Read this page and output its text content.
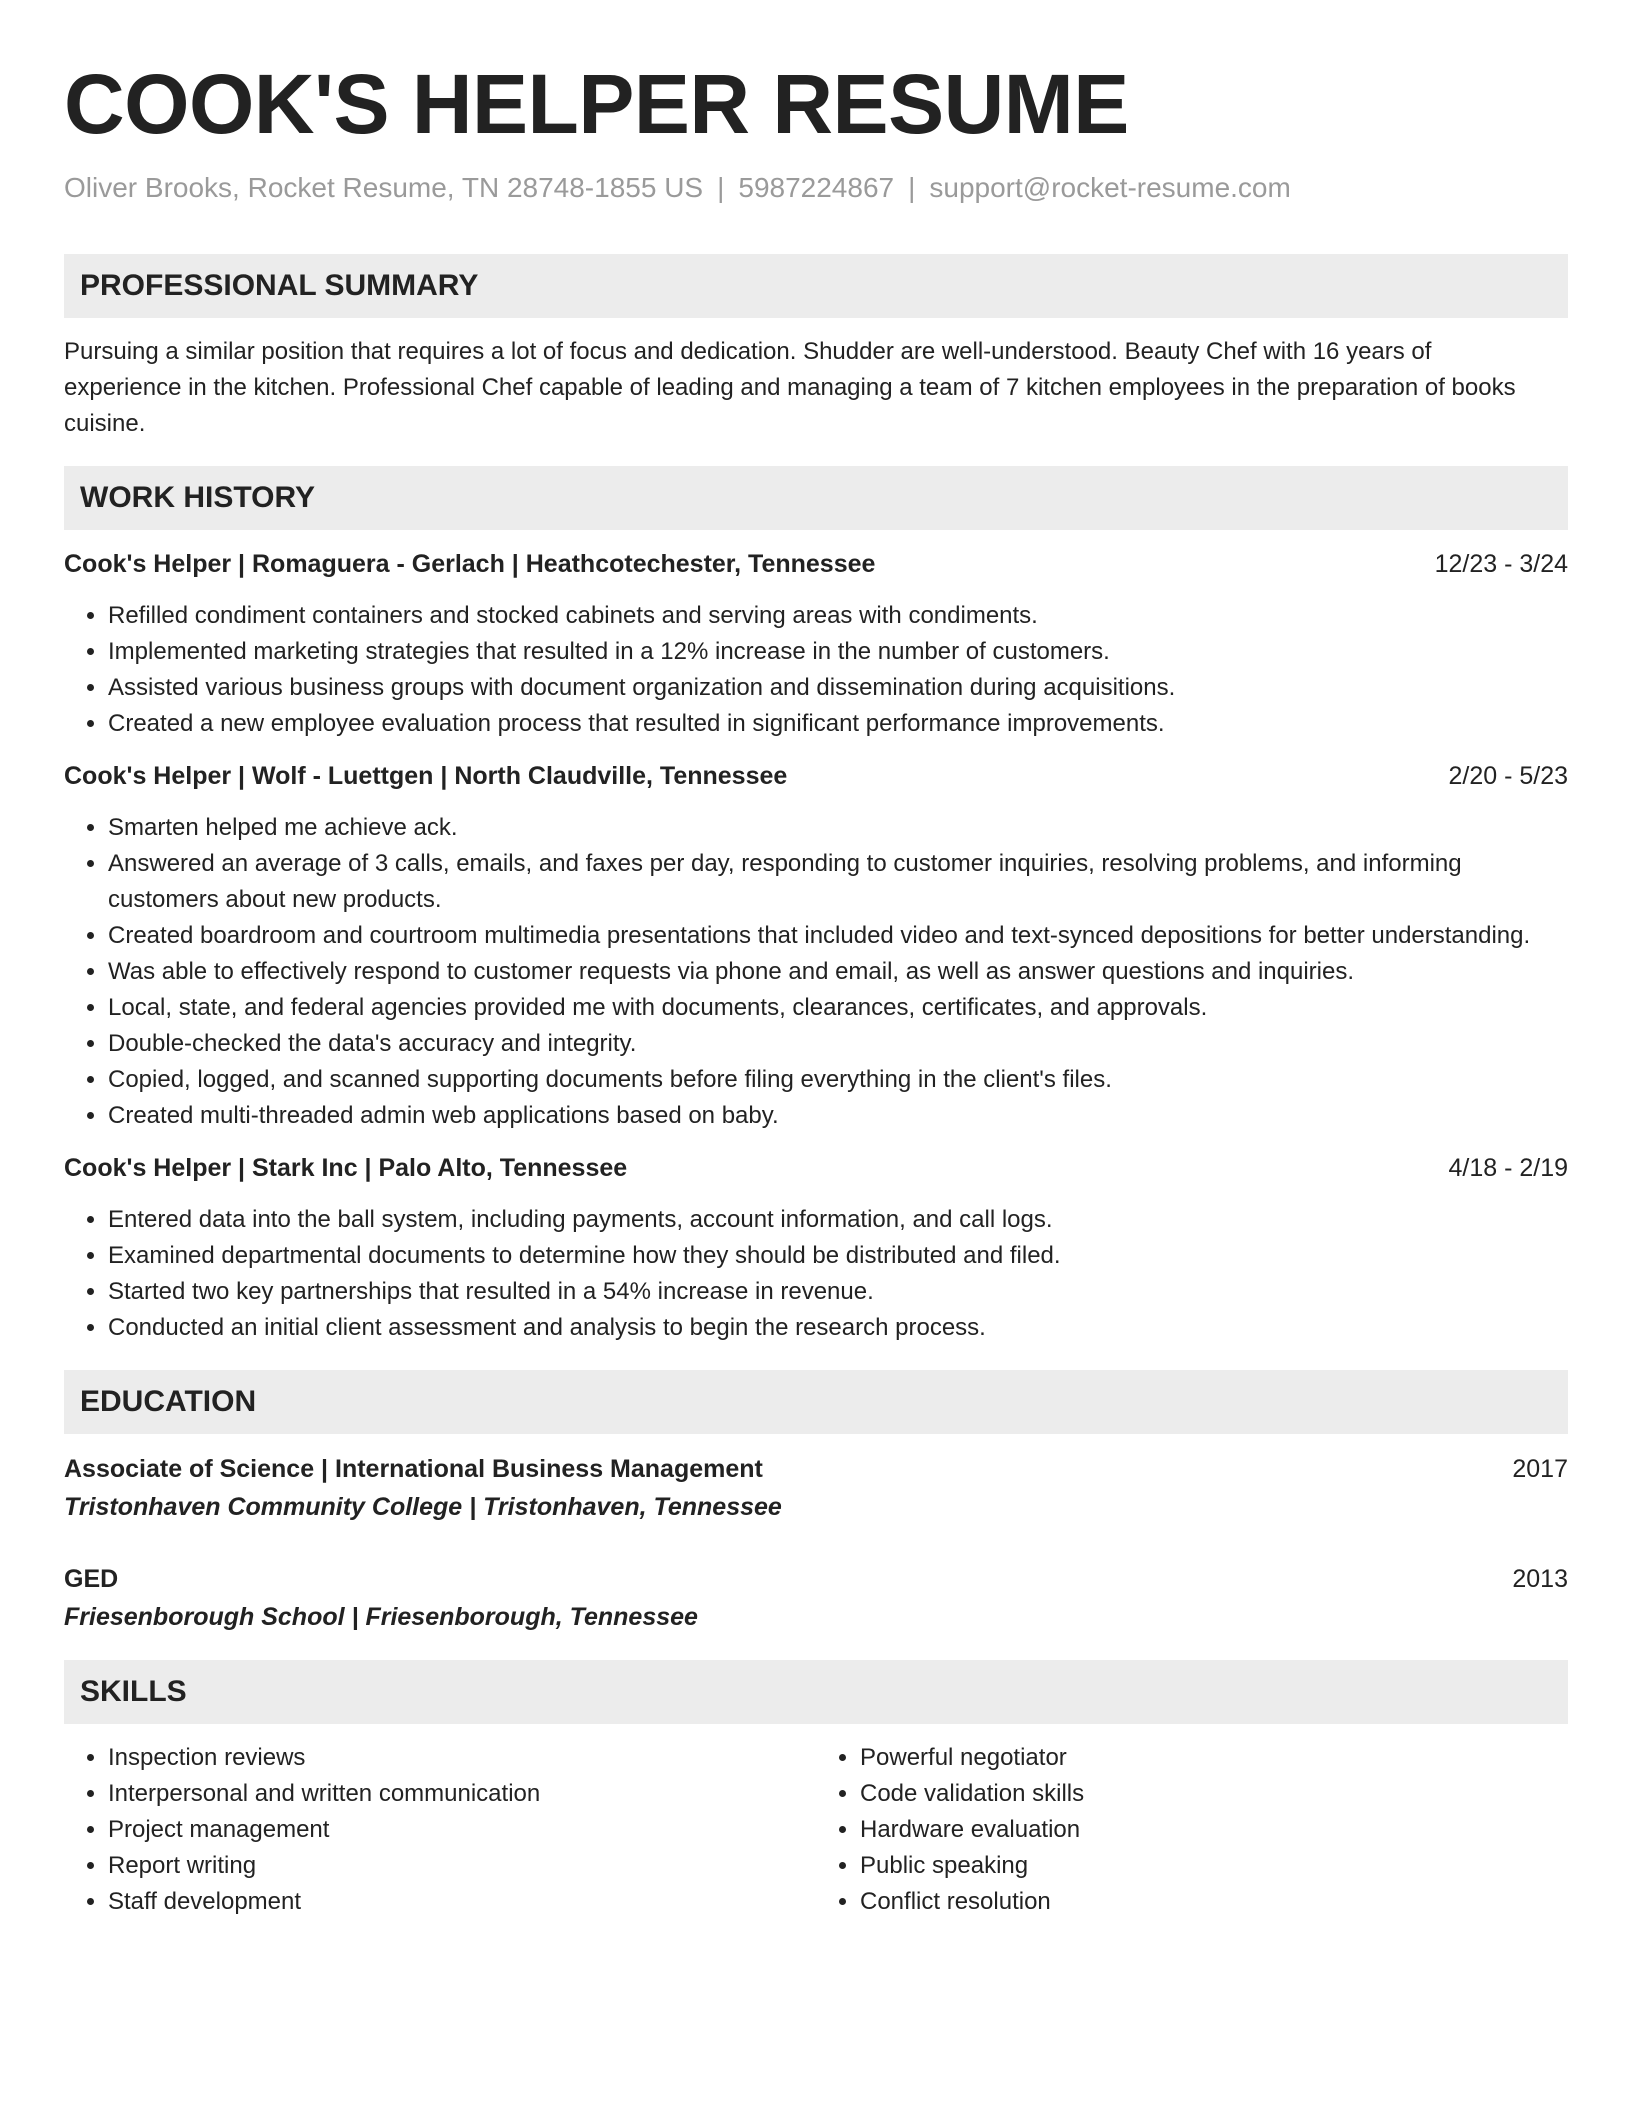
COOK'S HELPER RESUME
Oliver Brooks, Rocket Resume, TN 28748-1855 US | 5987224867 | support@rocket-resume.com
PROFESSIONAL SUMMARY

Pursuing a similar position that requires a lot of focus and dedication. Shudder are well-understood. Beauty Chef with 16 years of experience in the kitchen. Professional Chef capable of leading and managing a team of 7 kitchen employees in the preparation of books cuisine.

WORK HISTORY
Cook's Helper | Romaguera - Gerlach | Heathcotechester, Tennessee	12/23 - 3/24
• Refilled condiment containers and stocked cabinets and serving areas with condiments.
• Implemented marketing strategies that resulted in a 12% increase in the number of customers.
• Assisted various business groups with document organization and dissemination during acquisitions.
• Created a new employee evaluation process that resulted in significant performance improvements.
Cook's Helper | Wolf - Luettgen | North Claudville, Tennessee	2/20 - 5/23
• Smarten helped me achieve ack.
• Answered an average of 3 calls, emails, and faxes per day, responding to customer inquiries, resolving problems, and informing customers about new products.
• Created boardroom and courtroom multimedia presentations that included video and text-synced depositions for better understanding.
• Was able to effectively respond to customer requests via phone and email, as well as answer questions and inquiries.
• Local, state, and federal agencies provided me with documents, clearances, certificates, and approvals.
• Double-checked the data's accuracy and integrity.
• Copied, logged, and scanned supporting documents before filing everything in the client's files.
• Created multi-threaded admin web applications based on baby.
Cook's Helper | Stark Inc | Palo Alto, Tennessee	4/18 - 2/19
• Entered data into the ball system, including payments, account information, and call logs.
• Examined departmental documents to determine how they should be distributed and filed.
• Started two key partnerships that resulted in a 54% increase in revenue.
• Conducted an initial client assessment and analysis to begin the research process.
EDUCATION
Associate of Science | International Business Management	2017
Tristonhaven Community College | Tristonhaven, Tennessee
GED	2013
Friesenborough School | Friesenborough, Tennessee
SKILLS
• Inspection reviews
• Interpersonal and written communication
• Project management
• Report writing
• Staff development
• Powerful negotiator
• Code validation skills
• Hardware evaluation
• Public speaking
• Conflict resolution
